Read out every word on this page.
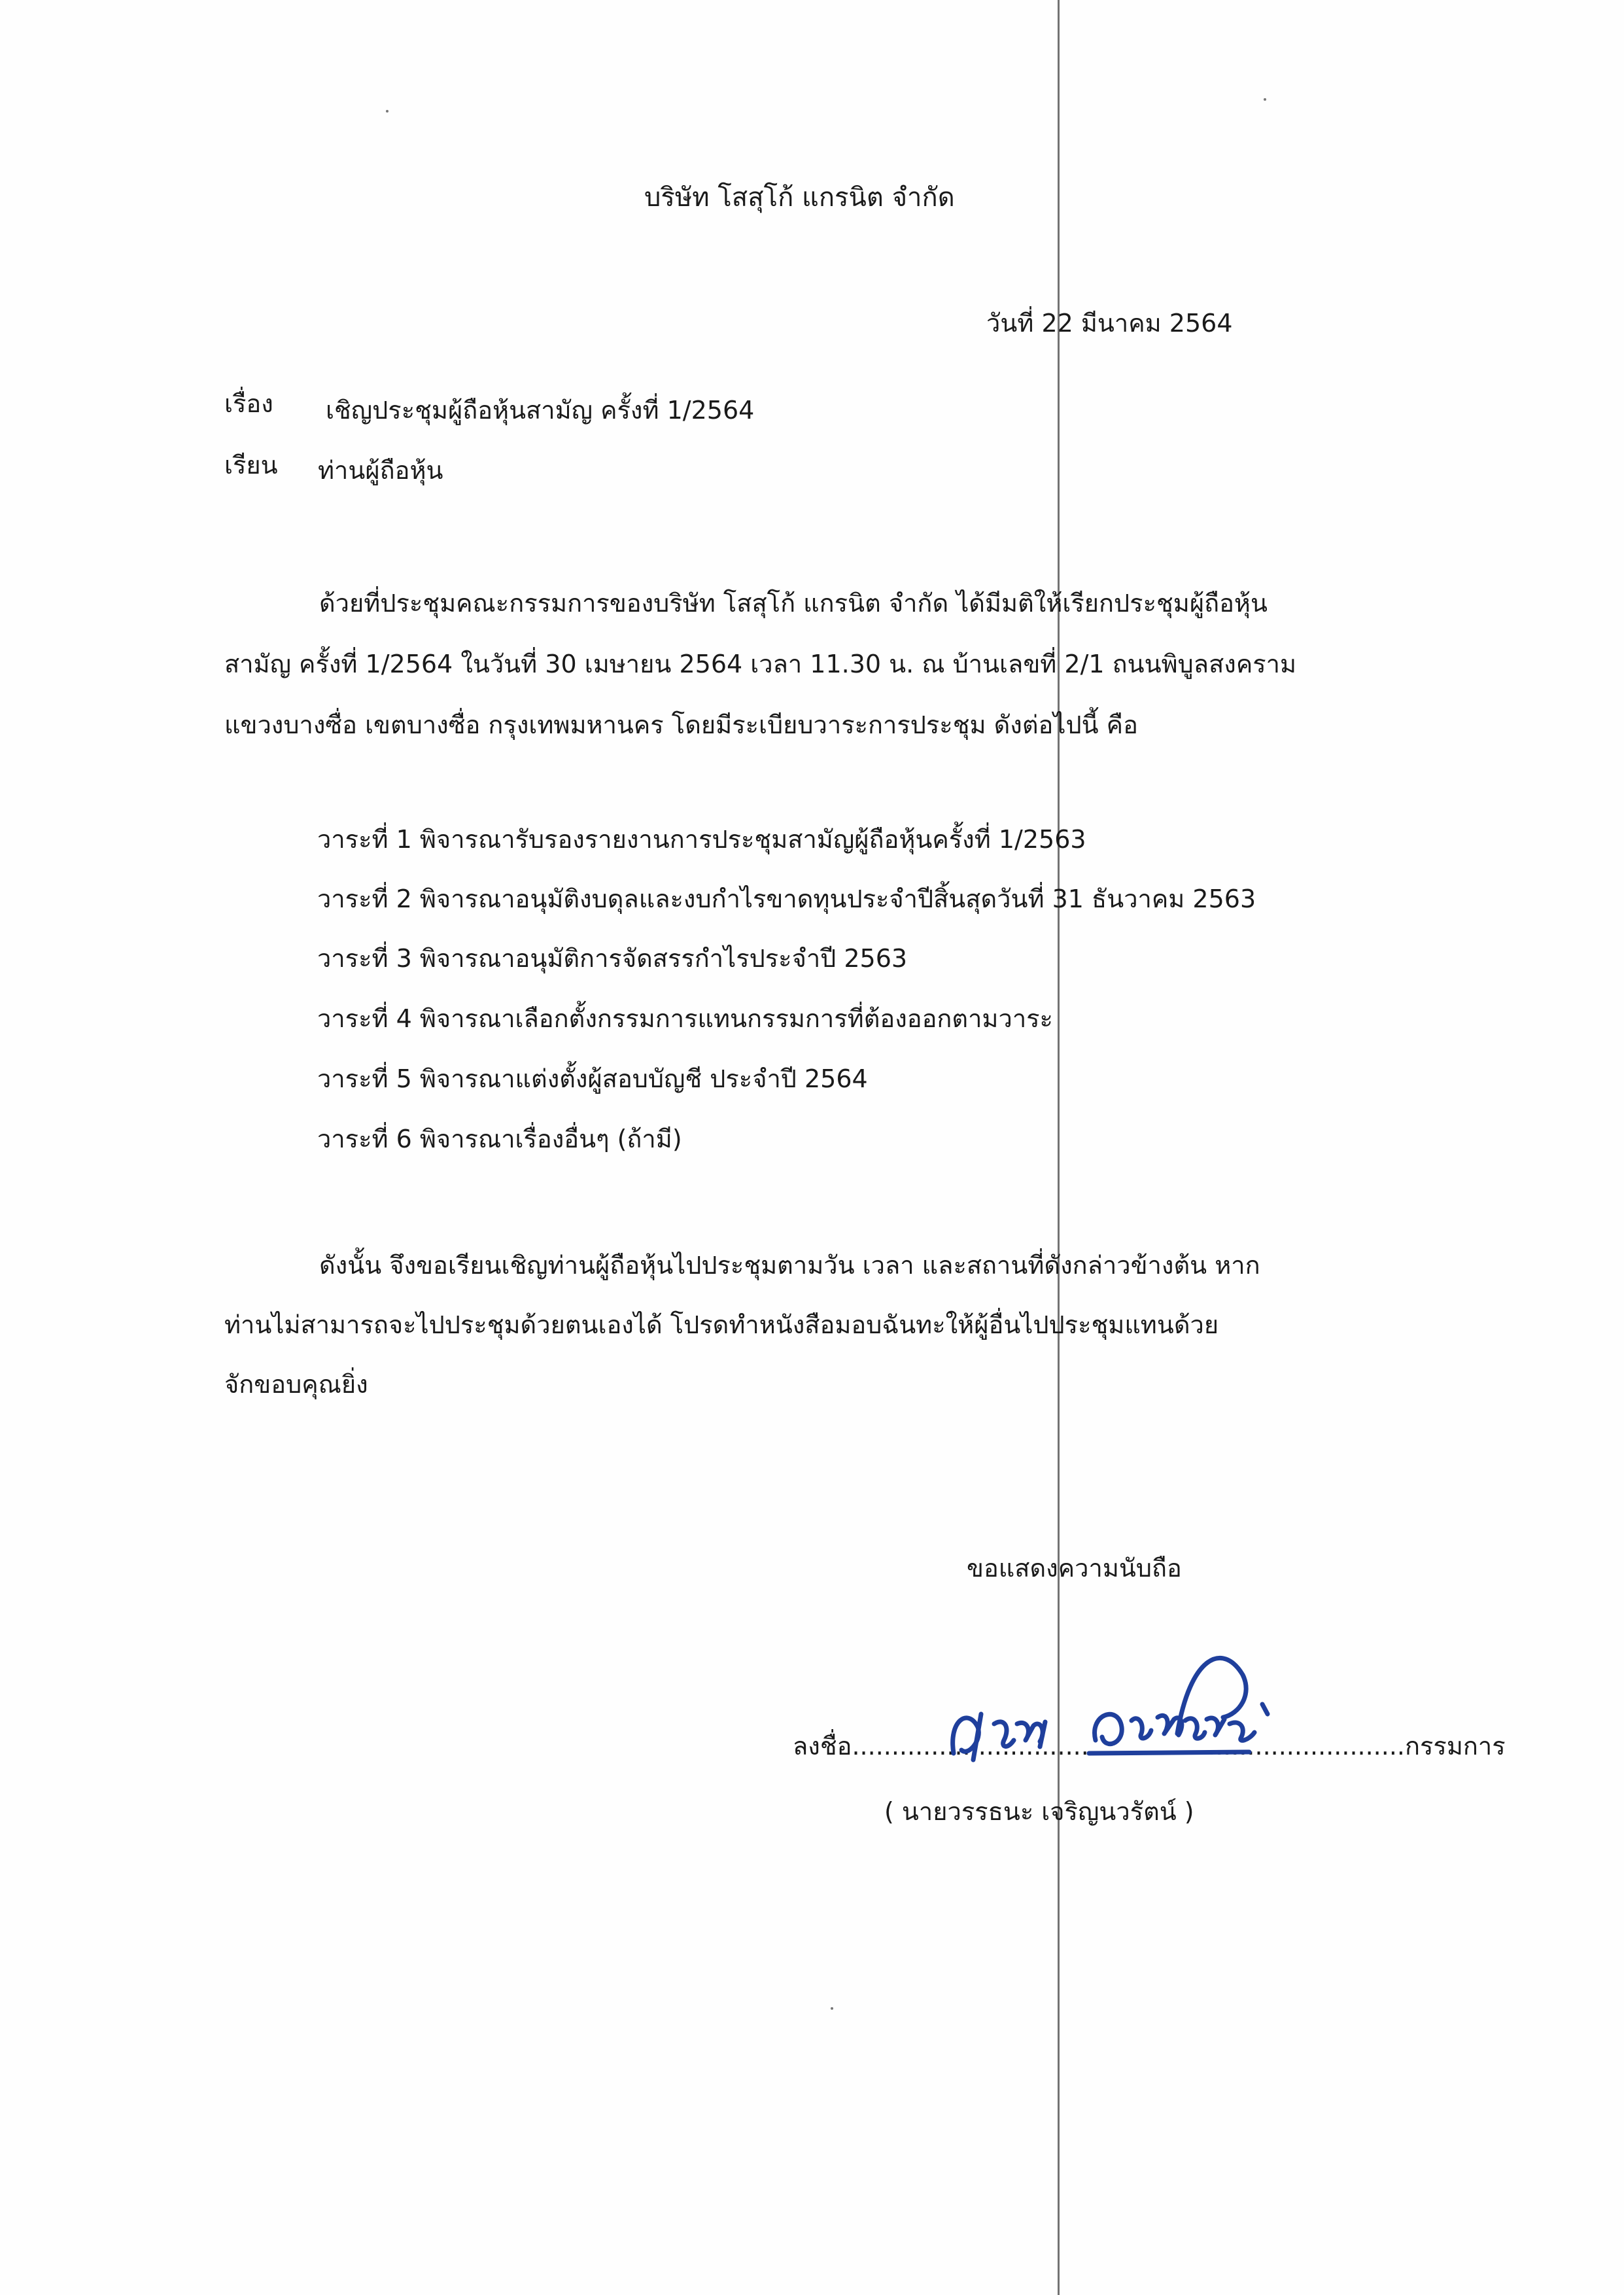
บริษัท โสสุโก้ แกรนิต จำกัด
วันที่ 22 มีนาคม 2564
เรื่อง เชิญประชุมผู้ถือหุ้นสามัญ ครั้งที่ 1/2564
เรียน ท่านผู้ถือหุ้น
ด้วยที่ประชุมคณะกรรมการของบริษัท โสสุโก้ แกรนิต จำกัด ได้มีมติให้เรียกประชุมผู้ถือหุ้น
สามัญ ครั้งที่ 1/2564 ในวันที่ 30 เมษายน 2564 เวลา 11.30 น. ณ บ้านเลขที่ 2/1 ถนนพิบูลสงคราม
แขวงบางซื่อ เขตบางซื่อ กรุงเทพมหานคร โดยมีระเบียบวาระการประชุม ดังต่อไปนี้ คือ
วาระที่ 1 พิจารณารับรองรายงานการประชุมสามัญผู้ถือหุ้นครั้งที่ 1/2563
วาระที่ 2 พิจารณาอนุมัติงบดุลและงบกำไรขาดทุนประจำปีสิ้นสุดวันที่ 31 ธันวาคม 2563
วาระที่ 3 พิจารณาอนุมัติการจัดสรรกำไรประจำปี 2563
วาระที่ 4 พิจารณาเลือกตั้งกรรมการแทนกรรมการที่ต้องออกตามวาระ
วาระที่ 5 พิจารณาแต่งตั้งผู้สอบบัญชี ประจำปี 2564
วาระที่ 6 พิจารณาเรื่องอื่นๆ (ถ้ามี)
ดังนั้น จึงขอเรียนเชิญท่านผู้ถือหุ้นไปประชุมตามวัน เวลา และสถานที่ดังกล่าวข้างต้น หาก
ท่านไม่สามารถจะไปประชุมด้วยตนเองได้ โปรดทำหนังสือมอบฉันทะให้ผู้อื่นไปประชุมแทนด้วย
จักขอบคุณยิ่ง
ขอแสดงความนับถือ
ลงชื่อ......................................................................กรรมการ
( นายวรรธนะ เจริญนวรัตน์ )
